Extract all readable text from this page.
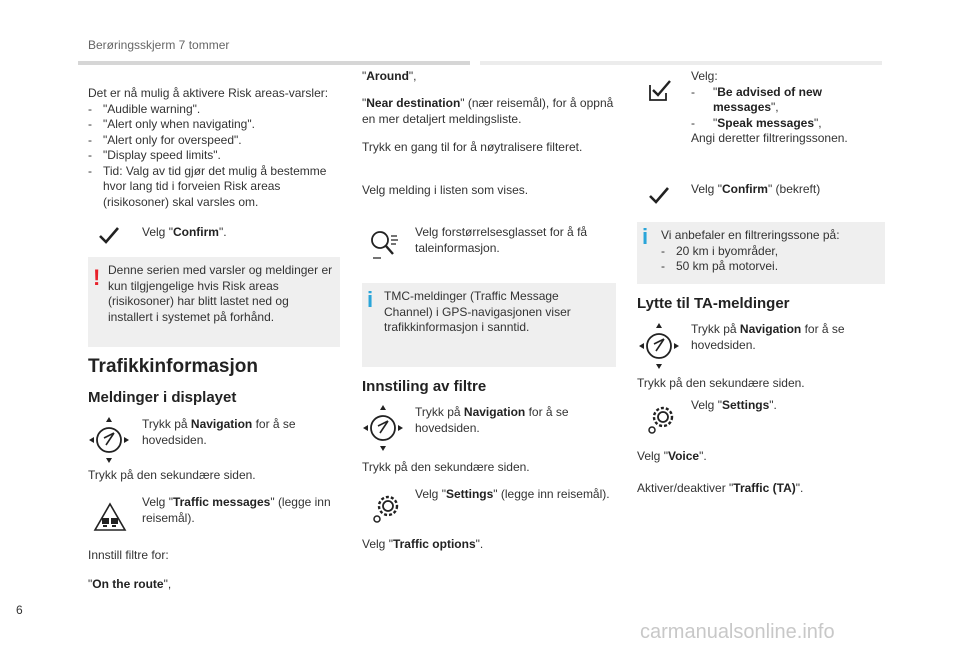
Berøringsskjerm 7 tommer
Det er nå mulig å aktivere Risk areas-varsler:
- "Audible warning".
- "Alert only when navigating".
- "Alert only for overspeed".
- "Display speed limits".
- Tid: Valg av tid gjør det mulig å bestemme hvor lang tid i forveien Risk areas (risikosoner) skal varsles om.
Velg "Confirm".
! Denne serien med varsler og meldinger er kun tilgjengelige hvis Risk areas (risikosoner) har blitt lastet ned og installert i systemet på forhånd.
Trafikkinformasjon
Meldinger i displayet
Trykk på Navigation for å se hovedsiden.
Trykk på den sekundære siden.
Velg "Traffic messages" (legge inn reisemål).
Innstill filtre for:
"On the route",
"Around",
"Near destination" (nær reisemål), for å oppnå en mer detaljert meldingsliste.
Trykk en gang til for å nøytralisere filteret.
Velg melding i listen som vises.
Velg forstørrelsesglasset for å få taleinformasjon.
i TMC-meldinger (Traffic Message Channel) i GPS-navigasjonen viser trafikkinformasjon i sanntid.
Innstiling av filtre
Trykk på Navigation for å se hovedsiden.
Trykk på den sekundære siden.
Velg "Settings" (legge inn reisemål).
Velg "Traffic options".
Velg:
- "Be advised of new messages",
- "Speak messages",
Angi deretter filtreringssonen.
Velg "Confirm" (bekreft)
i Vi anbefaler en filtreringssone på:
- 20 km i byområder,
- 50 km på motorvei.
Lytte til TA-meldinger
Trykk på Navigation for å se hovedsiden.
Trykk på den sekundære siden.
Velg "Settings".
Velg "Voice".
Aktiver/deaktiver "Traffic (TA)".
6
carmanualsonline.info
